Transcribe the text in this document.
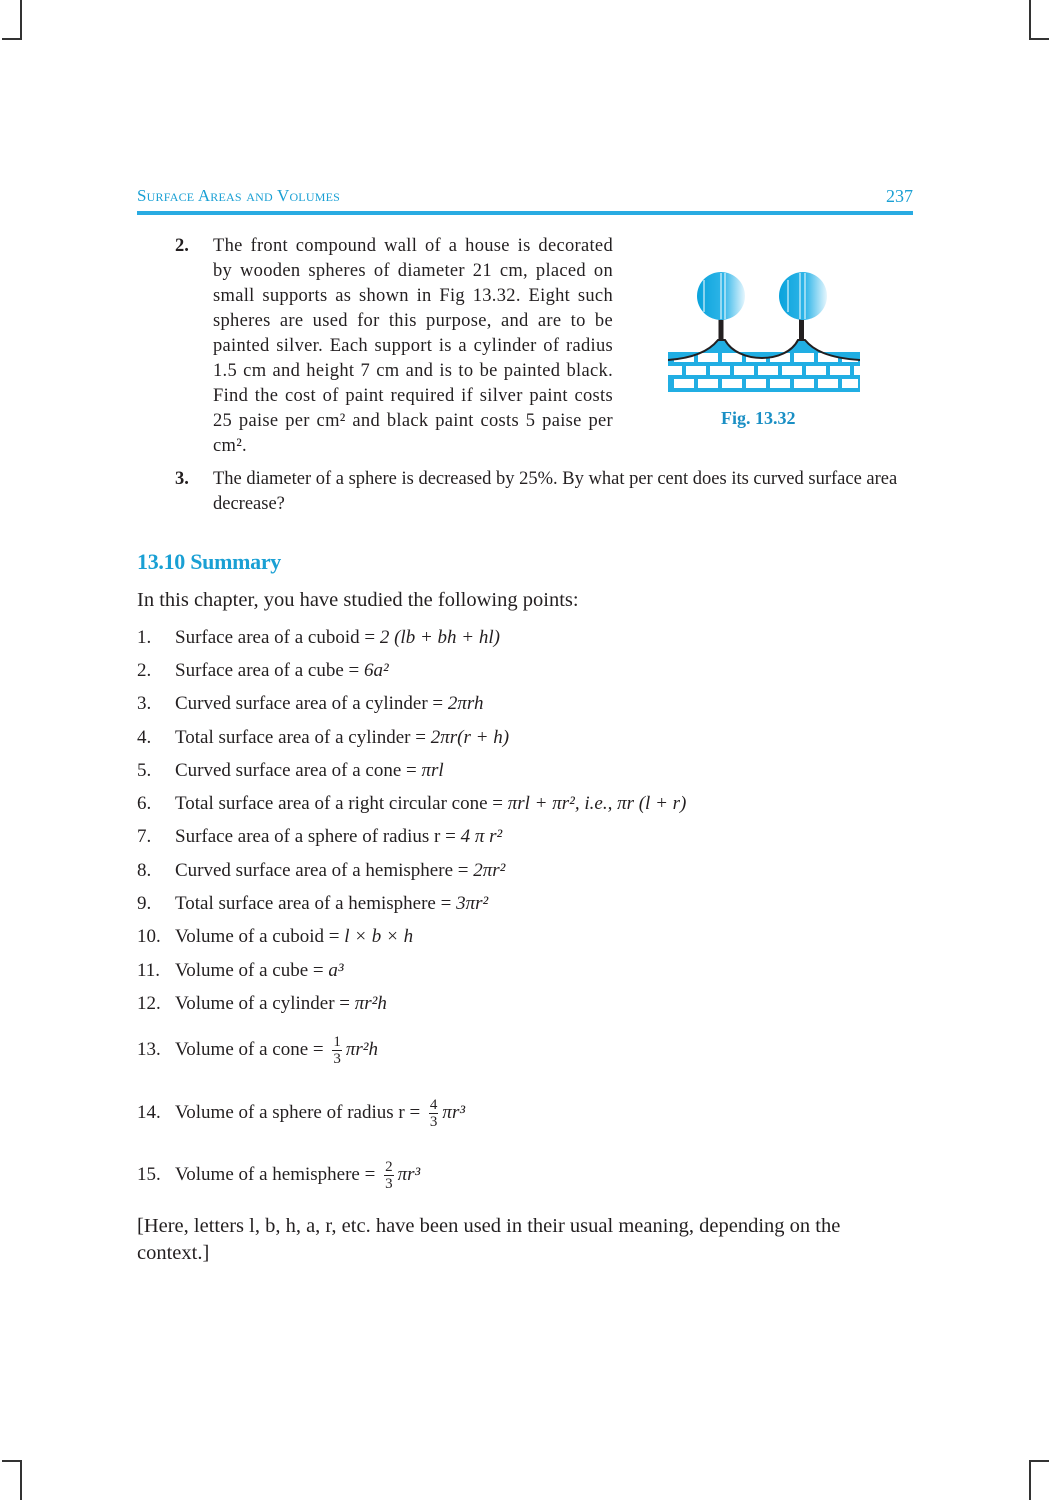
Surface Areas and Volumes	237
2. The front compound wall of a house is decorated by wooden spheres of diameter 21 cm, placed on small supports as shown in Fig 13.32. Eight such spheres are used for this purpose, and are to be painted silver. Each support is a cylinder of radius 1.5 cm and height 7 cm and is to be painted black. Find the cost of paint required if silver paint costs 25 paise per cm² and black paint costs 5 paise per cm².
Fig. 13.32
3. The diameter of a sphere is decreased by 25%. By what per cent does its curved surface area decrease?
13.10 Summary
In this chapter, you have studied the following points:
1. Surface area of a cuboid = 2 (lb + bh + hl)
2. Surface area of a cube = 6a²
3. Curved surface area of a cylinder = 2πrh
4. Total surface area of a cylinder = 2πr(r + h)
5. Curved surface area of a cone = πrl
6. Total surface area of a right circular cone = πrl + πr², i.e., πr (l + r)
7. Surface area of a sphere of radius r = 4 π r²
8. Curved surface area of a hemisphere = 2πr²
9. Total surface area of a hemisphere = 3πr²
10. Volume of a cuboid = l × b × h
11. Volume of a cube = a³
12. Volume of a cylinder = πr²h
13. Volume of a cone = $\frac{1}{3} \pi r^2h$
14. Volume of a sphere of radius $r = \frac{4}{3} \pi r^3$
15. Volume of a hemisphere = $\frac{2}{3} \pi r^3$
[Here, letters l, b, h, a, r, etc. have been used in their usual meaning, depending on the context.]
